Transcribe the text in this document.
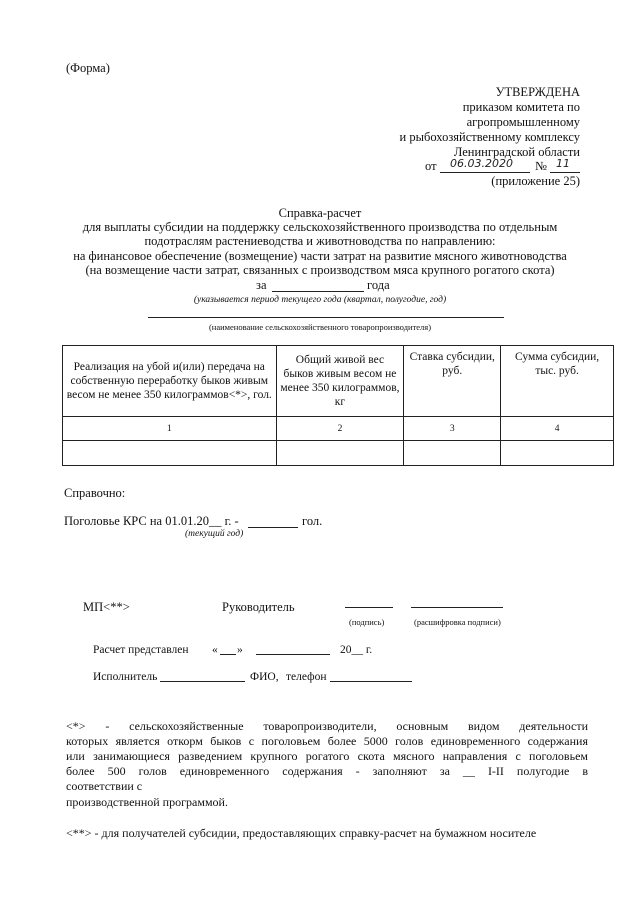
(Форма)
УТВЕРЖДЕНА
приказом комитета по
агропромышленному
и рыбохозяйственному комплексу
Ленинградской области
от 06.03.2020 № 11
(приложение 25)
Справка-расчет
для выплаты субсидии на поддержку сельскохозяйственного производства по отдельным
подотраслям растениеводства и животноводства по направлению:
на финансовое обеспечение (возмещение) части затрат на развитие мясного животноводства
(на возмещение части затрат, связанных с производством мяса крупного рогатого скота)
за	года
(указывается период текущего года (квартал, полугодие, год)
(наименование сельскохозяйственного товаропроизводителя)
Реализация на убой и(или) передача на собственную переработку быков живым весом не менее 350 килограммов<*>, гол.	Общий живой вес быков живым весом не менее 350 килограммов, кг	Ставка субсидии, руб.	Сумма субсидии, тыс. руб.
1	2	3	4

Справочно:
Поголовье КРС на 01.01.20__ г. -	гол.
(текущий год)
МП<**>	Руководитель
(подпись)	(расшифровка подписи)
Расчет представлен « »	20__ г.
Исполнитель	ФИО, телефон
<*> - сельскохозяйственные товаропроизводители, основным видом деятельности
которых является откорм быков с поголовьем более 5000 голов единовременного содержания
или занимающиеся разведением крупного рогатого скота мясного направления с поголовьем
более 500 голов единовременного содержания - заполняют за __ I-II полугодие в
соответствии с
производственной программой.
<**> - для получателей субсидии, предоставляющих справку-расчет на бумажном носителе
